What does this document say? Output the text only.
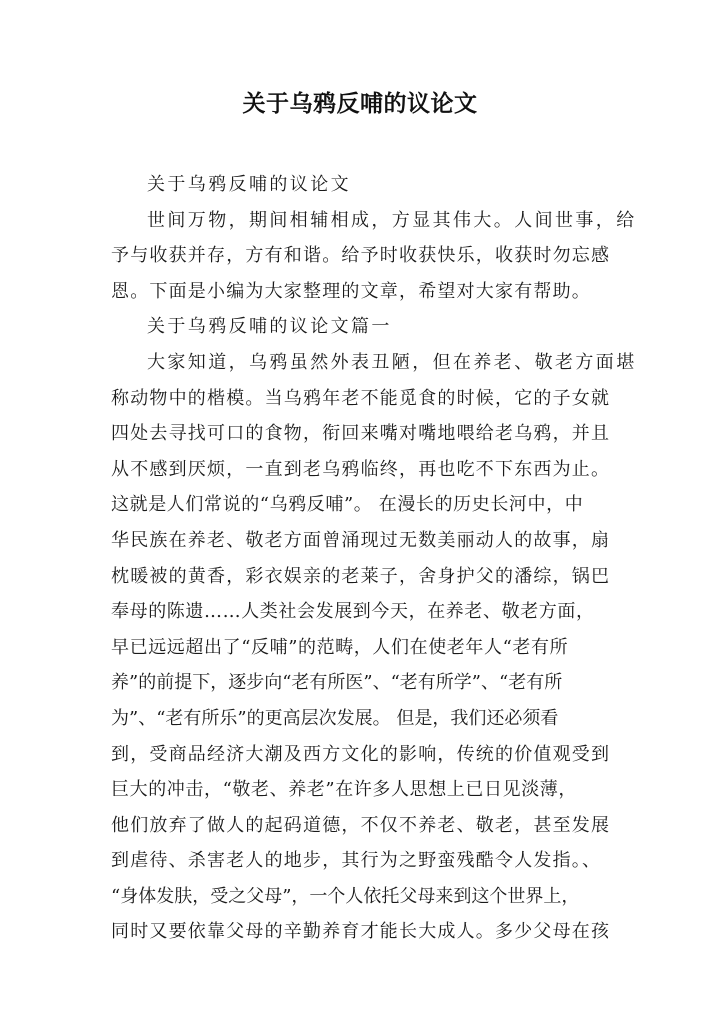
关于乌鸦反哺的议论文
关于乌鸦反哺的议论文
世间万物，期间相辅相成，方显其伟大。人间世事，给
予与收获并存，方有和谐。给予时收获快乐，收获时勿忘感
恩。下面是小编为大家整理的文章，希望对大家有帮助。
关于乌鸦反哺的议论文篇一
大家知道，乌鸦虽然外表丑陋，但在养老、敬老方面堪
称动物中的楷模。当乌鸦年老不能觅食的时候，它的子女就
四处去寻找可口的食物，衔回来嘴对嘴地喂给老乌鸦，并且
从不感到厌烦，一直到老乌鸦临终，再也吃不下东西为止。
这就是人们常说的“乌鸦反哺”。 在漫长的历史长河中，中
华民族在养老、敬老方面曾涌现过无数美丽动人的故事，扇
枕暖被的黄香，彩衣娱亲的老莱子，舍身护父的潘综，锅巴
奉母的陈遗……人类社会发展到今天，在养老、敬老方面，
早已远远超出了“反哺”的范畴，人们在使老年人“老有所
养”的前提下，逐步向“老有所医”、“老有所学”、“老有所
为”、“老有所乐”的更高层次发展。 但是，我们还必须看
到，受商品经济大潮及西方文化的影响，传统的价值观受到
巨大的冲击，“敬老、养老”在许多人思想上已日见淡薄，
他们放弃了做人的起码道德，不仅不养老、敬老，甚至发展
到虐待、杀害老人的地步，其行为之野蛮残酷令人发指。、
“身体发肤，受之父母”，一个人依托父母来到这个世界上，
同时又要依靠父母的辛勤养育才能长大成人。多少父母在孩
